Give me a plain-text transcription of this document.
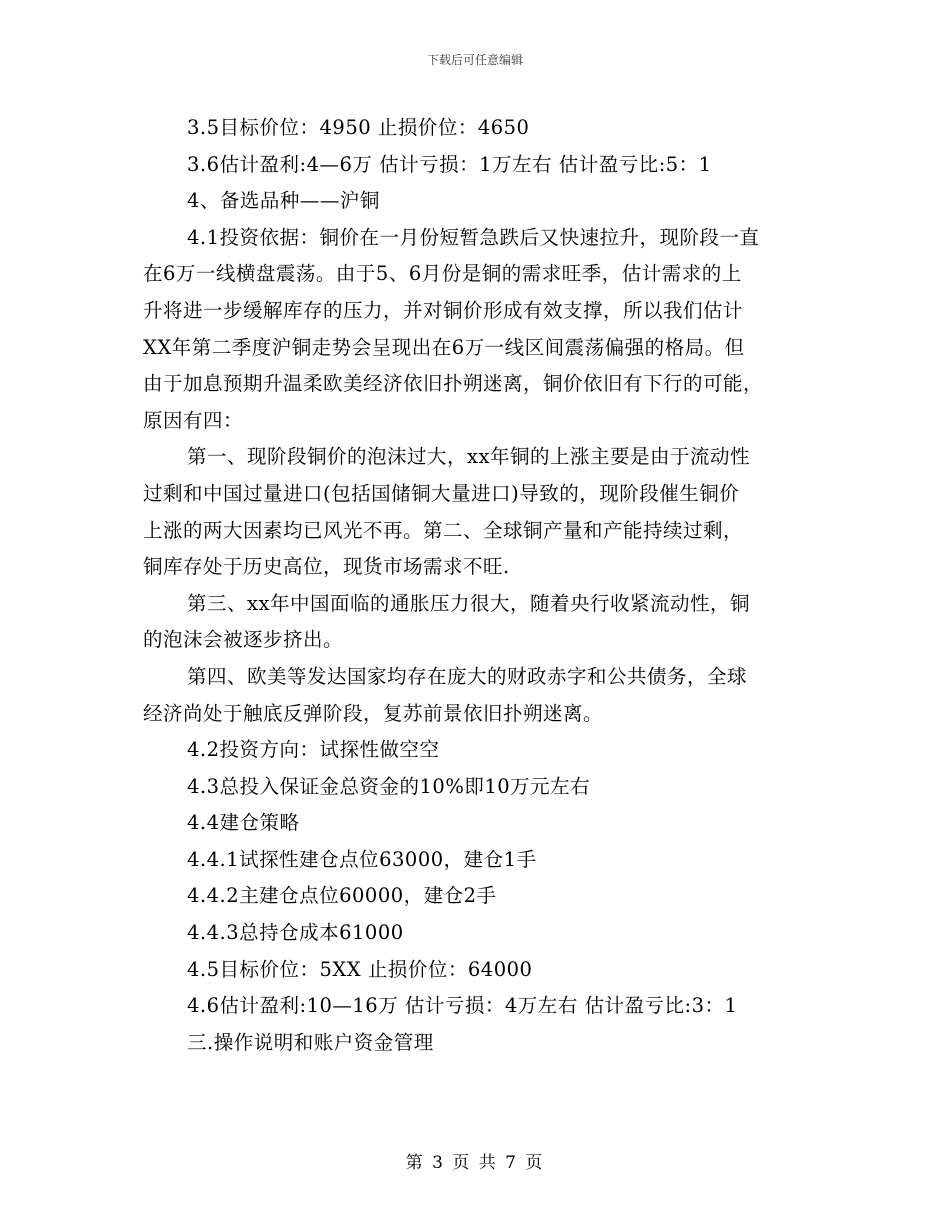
下载后可任意编辑

3.5目标价位：4950 止损价位：4650

3.6估计盈利:4—6万 估计亏损：1万左右 估计盈亏比:5：1

4、备选品种——沪铜

4.1投资依据：铜价在一月份短暂急跌后又快速拉升，现阶段一直

在6万一线横盘震荡。由于5、6月份是铜的需求旺季，估计需求的上

升将进一步缓解库存的压力，并对铜价形成有效支撑，所以我们估计

XX年第二季度沪铜走势会呈现出在6万一线区间震荡偏强的格局。但

由于加息预期升温柔欧美经济依旧扑朔迷离，铜价依旧有下行的可能，

原因有四：

第一、现阶段铜价的泡沫过大，xx年铜的上涨主要是由于流动性

过剩和中国过量进口(包括国储铜大量进口)导致的，现阶段催生铜价

上涨的两大因素均已风光不再。第二、全球铜产量和产能持续过剩，

铜库存处于历史高位，现货市场需求不旺.

第三、xx年中国面临的通胀压力很大，随着央行收紧流动性，铜

的泡沫会被逐步挤出。

第四、欧美等发达国家均存在庞大的财政赤字和公共债务，全球

经济尚处于触底反弹阶段，复苏前景依旧扑朔迷离。

4.2投资方向：试探性做空空

4.3总投入保证金总资金的10%即10万元左右

4.4建仓策略

4.4.1试探性建仓点位63000，建仓1手

4.4.2主建仓点位60000，建仓2手

4.4.3总持仓成本61000

4.5目标价位：5XX 止损价位：64000

4.6估计盈利:10—16万 估计亏损：4万左右 估计盈亏比:3：1

三.操作说明和账户资金管理

第 3 页 共 7 页
